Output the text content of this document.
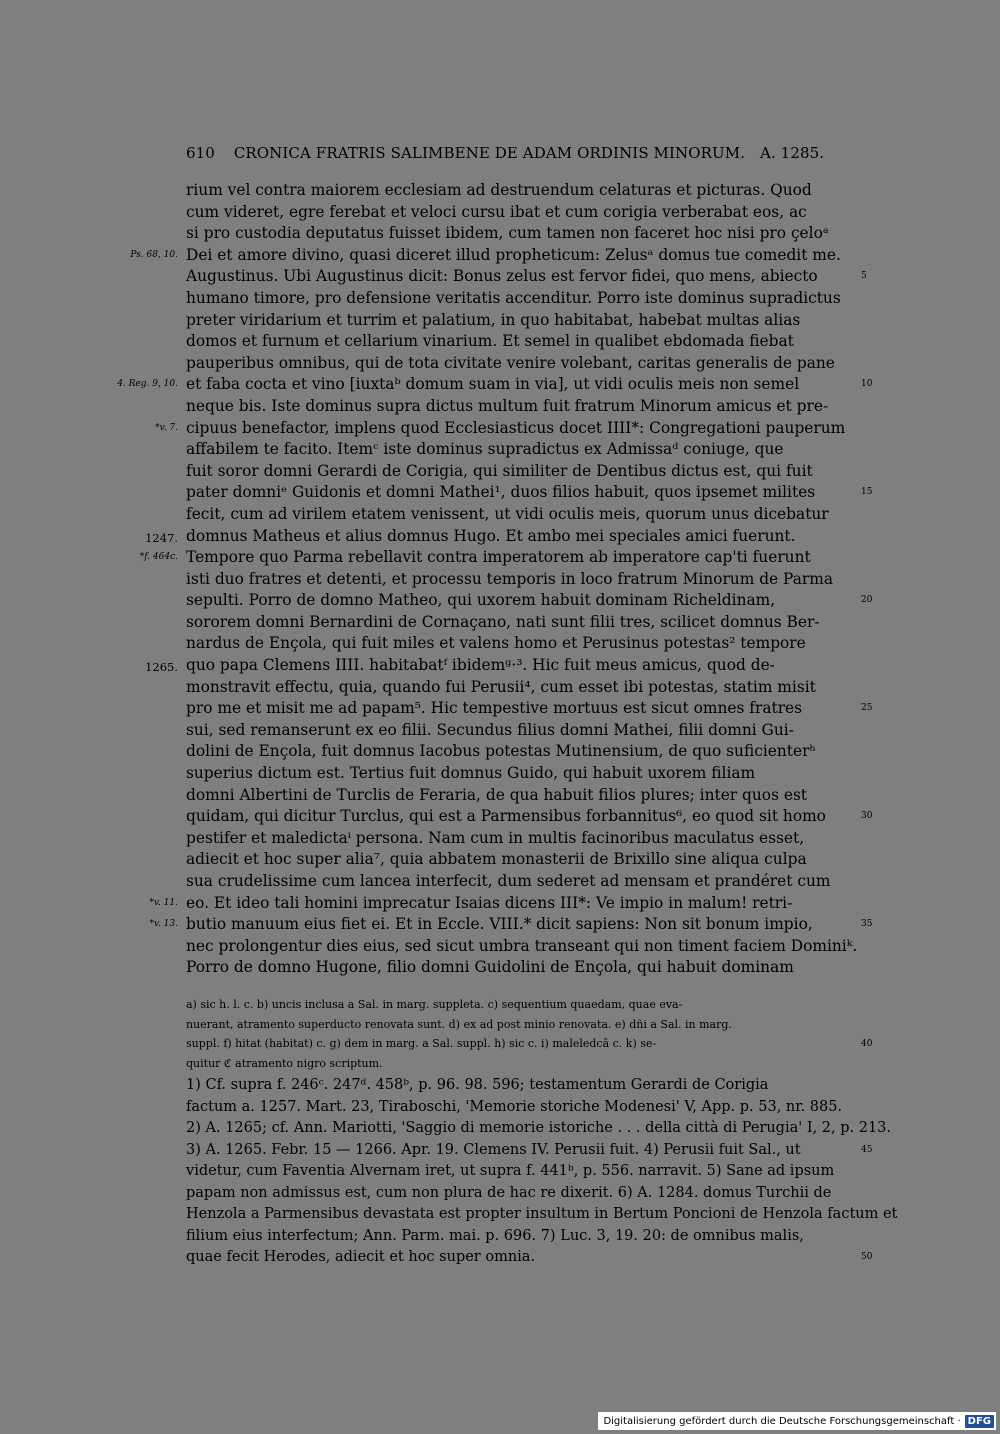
610 CRONICA FRATRIS SALIMBENE DE ADAM ORDINIS MINORUM. A. 1285.
rium vel contra maiorem ecclesiam ad destruendum celaturas et picturas. Quod
cum videret, egre ferebat et veloci cursu ibat et cum corigia verberabat eos, ac
si pro custodia deputatus fuisset ibidem, cum tamen non faceret hoc nisi pro çeloᵃ
Dei et amore divino, quasi diceret illud propheticum: Zelusᵃ domus tue comedit me.
Augustinus. Ubi Augustinus dicit: Bonus zelus est fervor fidei, quo mens, abiecto
humano timore, pro defensione veritatis accenditur. Porro iste dominus supradictus
preter viridarium et turrim et palatium, in quo habitabat, habebat multas alias
domos et furnum et cellarium vinarium. Et semel in qualibet ebdomada fiebat
pauperibus omnibus, qui de tota civitate venire volebant, caritas generalis de pane
et faba cocta et vino [iuxtaᵇ domum suam in via], ut vidi oculis meis non semel
neque bis. Iste dominus supra dictus multum fuit fratrum Minorum amicus et pre-
cipuus benefactor, implens quod Ecclesiasticus docet IIII*: Congregationi pauperum
affabilem te facito. Itemᶜ iste dominus supradictus ex Admissaᵈ coniuge, que
fuit soror domni Gerardi de Corigia, qui similiter de Dentibus dictus est, qui fuit
pater domniᵉ Guidonis et domni Mathei¹, duos filios habuit, quos ipsemet milites
fecit, cum ad virilem etatem venissent, ut vidi oculis meis, quorum unus dicebatur
domnus Matheus et alius domnus Hugo. Et ambo mei speciales amici fuerunt.
Tempore quo Parma rebellavit contra imperatorem ab imperatore cap'ti fuerunt
isti duo fratres et detenti, et processu temporis in loco fratrum Minorum de Parma
sepulti. Porro de domno Matheo, qui uxorem habuit dominam Richeldinam,
sororem domni Bernardini de Cornaçano, nati sunt filii tres, scilicet domnus Ber-
nardus de Ençola, qui fuit miles et valens homo et Perusinus potestas² tempore
quo papa Clemens IIII. habitabatᶠ ibidemᵍ·³. Hic fuit meus amicus, quod de-
monstravit effectu, quia, quando fui Perusii⁴, cum esset ibi potestas, statim misit
pro me et misit me ad papam⁵. Hic tempestive mortuus est sicut omnes fratres
sui, sed remanserunt ex eo filii. Secundus filius domni Mathei, filii domni Gui-
dolini de Ençola, fuit domnus Iacobus potestas Mutinensium, de quo suficienterʰ
superius dictum est. Tertius fuit domnus Guido, qui habuit uxorem filiam
domni Albertini de Turclis de Feraria, de qua habuit filios plures; inter quos est
quidam, qui dicitur Turclus, qui est a Parmensibus forbannitus⁶, eo quod sit homo
pestifer et maledictaⁱ persona. Nam cum in multis facinoribus maculatus esset,
adiecit et hoc super alia⁷, quia abbatem monasterii de Brixillo sine aliqua culpa
sua crudelissime cum lancea interfecit, dum sederet ad mensam et prandéret cum
eo. Et ideo tali homini imprecatur Isaias dicens III*: Ve impio in malum! retri-
butio manuum eius fiet ei. Et in Eccle. VIII.* dicit sapiens: Non sit bonum impio,
nec prolongentur dies eius, sed sicut umbra transeant qui non timent faciem Dominiᵏ.
Porro de domno Hugone, filio domni Guidolini de Ençola, qui habuit dominam
Ps. 68, 10.
4. Reg. 9, 10.
*v. 7.
1247.
*f. 464c.
1265.
*v. 11.
*v. 13.
5
10
15
20
25
30
35
40
45
50
a) sic h. l. c. b) uncis inclusa a Sal. in marg. suppleta. c) sequentium quaedam, quae eva-
nuerant, atramento superducto renovata sunt. d) ex ad post minio renovata. e) dñi a Sal. in marg.
suppl. f) hitat (habitat) c. g) dem in marg. a Sal. suppl. h) sic c. i) maleledcā c. k) se-
quitur ℭ atramento nigro scriptum.
1) Cf. supra f. 246ᶜ. 247ᵈ. 458ᵇ, p. 96. 98. 596; testamentum Gerardi de Corigia
factum a. 1257. Mart. 23, Tiraboschi, 'Memorie storiche Modenesi' V, App. p. 53, nr. 885.
2) A. 1265; cf. Ann. Mariotti, 'Saggio di memorie istoriche . . . della città di Perugia' I, 2, p. 213.
3) A. 1265. Febr. 15 — 1266. Apr. 19. Clemens IV. Perusii fuit. 4) Perusii fuit Sal., ut
videtur, cum Faventia Alvernam iret, ut supra f. 441ᵇ, p. 556. narravit. 5) Sane ad ipsum
papam non admissus est, cum non plura de hac re dixerit. 6) A. 1284. domus Turchii de
Henzola a Parmensibus devastata est propter insultum in Bertum Poncioni de Henzola factum et
filium eius interfectum; Ann. Parm. mai. p. 696. 7) Luc. 3, 19. 20: de omnibus malis,
quae fecit Herodes, adiecit et hoc super omnia.
Digitalisierung gefördert durch die Deutsche Forschungsgemeinschaft · DFG
